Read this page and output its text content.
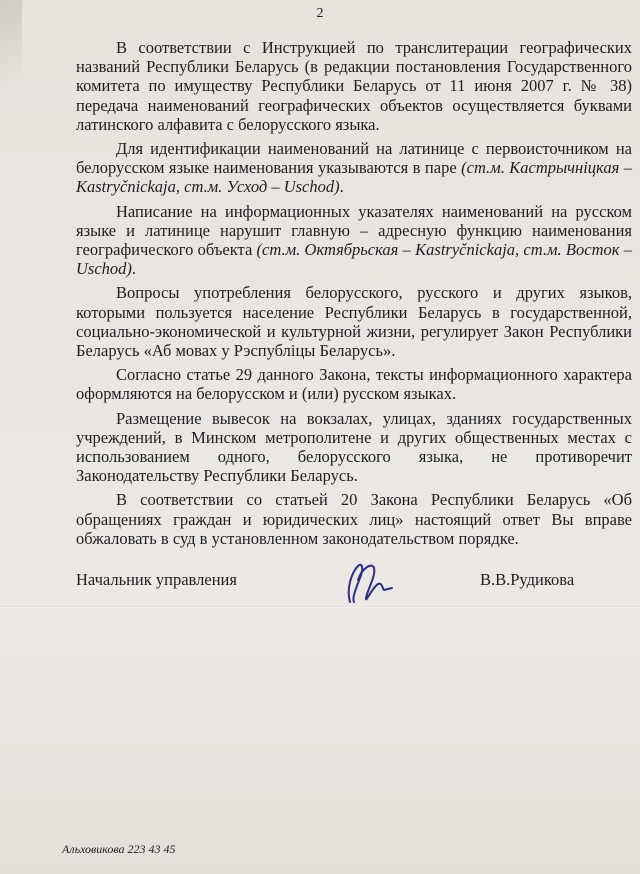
2

В соответствии с Инструкцией по транслитерации географических названий Республики Беларусь (в редакции постановления Государственного комитета по имуществу Республики Беларусь от 11 июня 2007 г. № 38) передача наименований географических объектов осуществляется буквами латинского алфавита с белорусского языка.

Для идентификации наименований на латинице с первоисточником на белорусском языке наименования указываются в паре (ст.м. Кастрычніцкая – Kastryčnickaja, ст.м. Усход – Uschod).

Написание на информационных указателях наименований на русском языке и латинице нарушит главную – адресную функцию наименования географического объекта (ст.м. Октябрьская – Kastryčnickaja, ст.м. Восток – Uschod).

Вопросы употребления белорусского, русского и других языков, которыми пользуется население Республики Беларусь в государственной, социально-экономической и культурной жизни, регулирует Закон Республики Беларусь «Аб мовах у Рэспубліцы Беларусь».

Согласно статье 29 данного Закона, тексты информационного характера оформляются на белорусском и (или) русском языках.

Размещение вывесок на вокзалах, улицах, зданиях государственных учреждений, в Минском метрополитене и других общественных местах с использованием одного, белорусского языка, не противоречит Законодательству Республики Беларусь.

В соответствии со статьей 20 Закона Республики Беларусь «Об обращениях граждан и юридических лиц» настоящий ответ Вы вправе обжаловать в суд в установленном законодательством порядке.

Начальник управления	В.В.Рудикова
Альховикова 223 43 45
